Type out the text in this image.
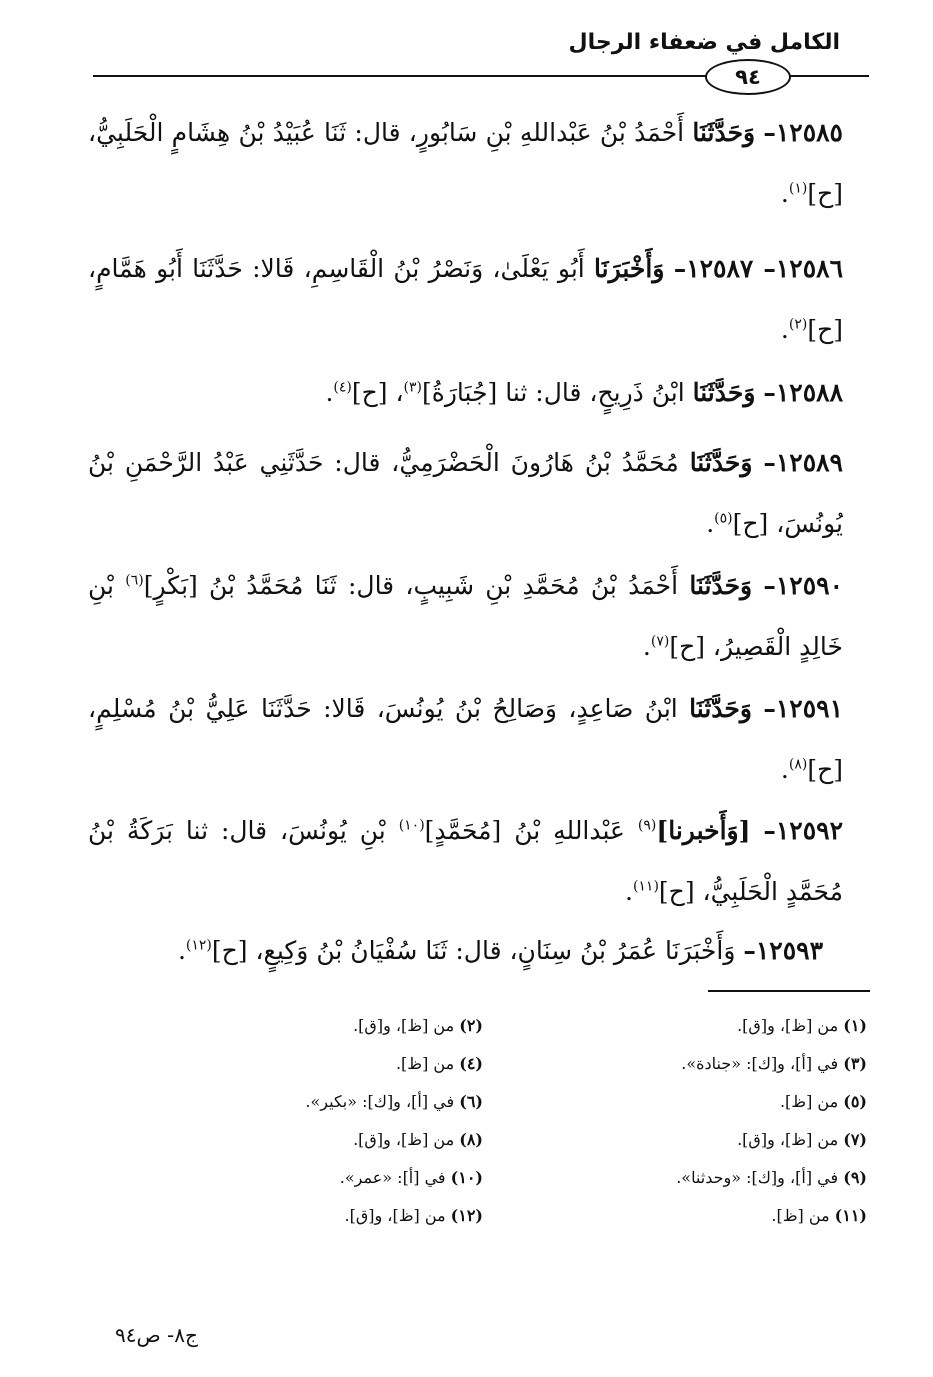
الكامل في ضعفاء الرجال
٩٤

١٢٥٨٥– وَحَدَّثَنَا أَحْمَدُ بْنُ عَبْداللهِ بْنِ سَابُورٍ، قال: ثَنَا عُبَيْدُ بْنُ هِشَامٍ الْحَلَبِيُّ، [ح]$^{(١)}$.

١٢٥٨٦– ١٢٥٨٧– وَأَخْبَرَنَا أَبُو يَعْلَىٰ، وَنَصْرُ بْنُ الْقَاسِمِ، قَالا: حَدَّثَنَا أَبُو هَمَّامٍ، [ح]$^{(٢)}$.

١٢٥٨٨– وَحَدَّثَنَا ابْنُ ذَرِيحٍ، قال: ثنا [جُبَارَةُ]$^{(٣)}$، [ح]$^{(٤)}$.

١٢٥٨٩– وَحَدَّثَنَا مُحَمَّدُ بْنُ هَارُونَ الْحَضْرَمِيُّ، قال: حَدَّثَنِي عَبْدُ الرَّحْمَنِ بْنُ يُونُسَ، [ح]$^{(٥)}$.

١٢٥٩٠– وَحَدَّثَنَا أَحْمَدُ بْنُ مُحَمَّدِ بْنِ شَبِيبٍ، قال: ثَنَا مُحَمَّدُ بْنُ [بَكْرٍ]$^{(٦)}$ بْنِ خَالِدٍ الْقَصِيرُ، [ح]$^{(٧)}$.

١٢٥٩١– وَحَدَّثَنَا ابْنُ صَاعِدٍ، وَصَالِحُ بْنُ يُونُسَ، قَالا: حَدَّثَنَا عَلِيُّ بْنُ مُسْلِمٍ، [ح]$^{(٨)}$.

١٢٥٩٢– [وَأَخبرنا]$^{(٩)}$ عَبْداللهِ بْنُ [مُحَمَّدٍ]$^{(١٠)}$ بْنِ يُونُسَ، قال: ثنا بَرَكَةُ بْنُ مُحَمَّدٍ الْحَلَبِيُّ، [ح]$^{(١١)}$.

١٢٥٩٣– وَأَخْبَرَنَا عُمَرُ بْنُ سِنَانٍ، قال: ثَنَا سُفْيَانُ بْنُ وَكِيعٍ، [ح]$^{(١٢)}$.

(١) من [ظ]، و[ق].
(٣) في [أ]، و[ك]: «جنادة».
(٥) من [ظ].
(٧) من [ظ]، و[ق].
(٩) في [أ]، و[ك]: «وحدثنا».
(١١) من [ظ].
(٢) من [ظ]، و[ق].
(٤) من [ظ].
(٦) في [أ]، و[ك]: «بكير».
(٨) من [ظ]، و[ق].
(١٠) في [أ]: «عمر».
(١٢) من [ظ]، و[ق].
ج٨- ص٩٤
